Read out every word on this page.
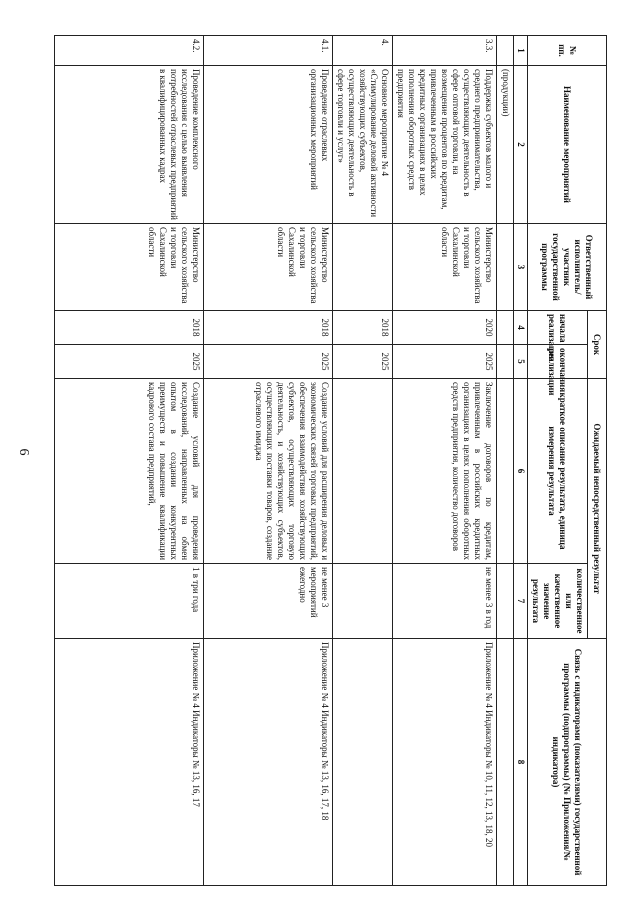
6
№ пп.	Наименование мероприятий	Ответственный исполнитель/участник государственной программы	Срок		Ожидаемый непосредственный результат		Связь с индикаторами (показателями) государственной программы (подпрограммы) (№ Приложения/№ индикатора)
			начала реализации	окончания реализации	краткое описание результата, единица измерения результата	количественное или качественное значение результата	
1	2	3	4	5	6	7	8
	(продукции)						
3.3.	Поддержка субъектов малого и среднего предпринимательства, осуществляющих деятельность в сфере оптовой торговли, на возмещение процентов по кредитам, привлеченным в российских кредитных организациях в целях пополнения оборотных средств предприятия	Министерство сельского хозяйства и торговли Сахалинской области	2020	2025	Заключение договоров по кредитам, привлеченным в российских кредитных организациях в целях пополнения оборотных средств предприятия, количество договоров	не менее 3 в год	Приложение № 4 Индикаторы № 10, 11, 12, 13, 18, 20
4.	Основное мероприятие № 4 «Стимулирование деловой активности хозяйствующих субъектов, осуществляющих деятельность в сфере торговли и услуг»		2018	2025			
4.1.	Проведение отраслевых организационных мероприятий	Министерство сельского хозяйства и торговли Сахалинской области	2018	2025	Создание условий для расширения деловых и экономических связей торговых предприятий, обеспечения взаимодействия хозяйствующих субъектов, осуществляющих торговую деятельность, и хозяйствующих субъектов, осуществляющих поставки товаров, создание отраслевого имиджа	не менее 3 мероприятий ежегодно	Приложение № 4 Индикаторы № 13, 16, 17, 18
4.2.	Проведение комплексного исследования с целью выявления потребностей отраслевых предприятий в квалифицированных кадрах	Министерство сельского хозяйства и торговли Сахалинской области	2018	2025	Создание условий для проведения исследований, направленных на обмен опытом в создании конкурентных преимуществ и повышение квалификации кадрового состава предприятий,	1 в три года	Приложение № 4 Индикаторы № 13, 16, 17
